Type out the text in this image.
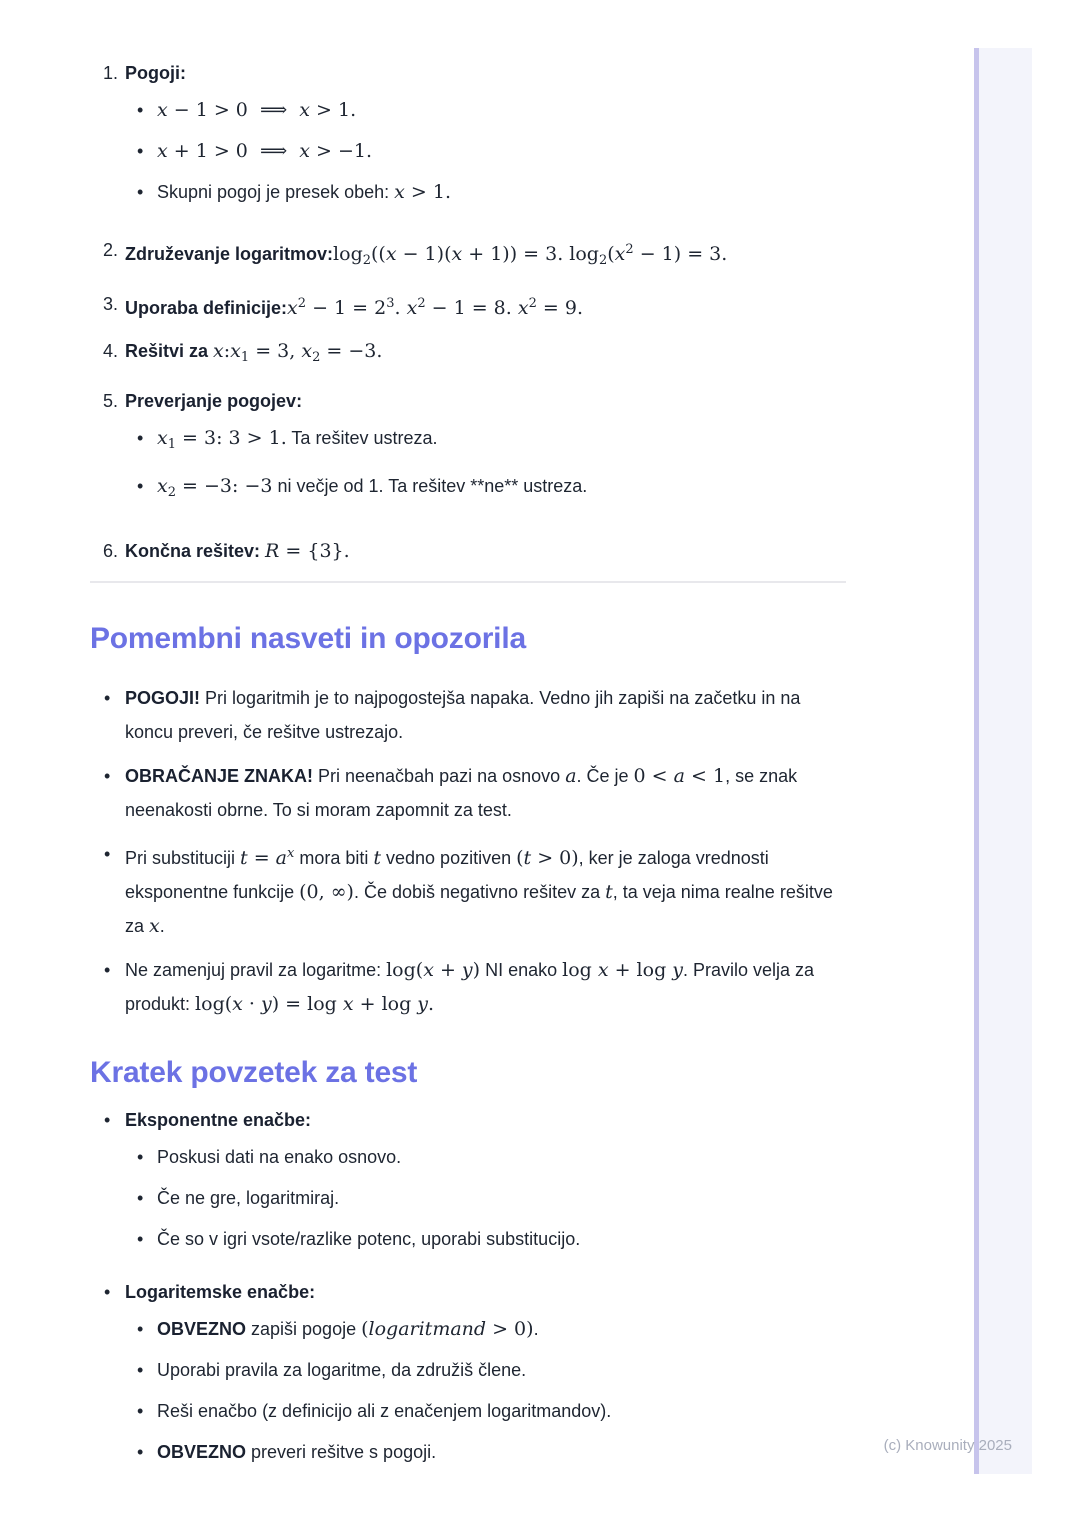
1. Pogoji:
• x − 1 > 0  ⟹  x > 1.
• x + 1 > 0  ⟹  x > −1.
• Skupni pogoj je presek obeh: x > 1.
2. Združevanje $logaritmov:\log_2((x - 1)(x + 1)) = 3$. $\log_2(x^2 - 1) = 3$.
3. Uporaba $definicije:x^2 - 1 = 2^3$. $x^2 - 1 = 8$. $x^2 = 9$.
4. Rešitvi za $x:x_1 = 3$, $x_2 = -3$.
5. Preverjanje pogojev:
• $x_1 = 3$: 3 > 1. Ta rešitev ustreza.
• $x_2 = -3$: −3 ni večje od 1. Ta rešitev **ne** ustreza.
6. Končna rešitev: R = {3}.
Pomembni nasveti in opozorila
• POGOJI! Pri logaritmih je to najpogostejša napaka. Vedno jih zapiši na začetku in na koncu preveri, če rešitve ustrezajo.
• OBRAČANJE ZNAKA! Pri neenačbah pazi na osnovo a. Če je 0 < a < 1, se znak neenakosti obrne. To si moram zapomnit za test.
• Pri substituciji $t = a^x$ mora biti t vedno pozitiven (t > 0), ker je zaloga vrednosti eksponentne funkcije (0, ∞). Če dobiš negativno rešitev za t, ta veja nima realne rešitve za x.
• Ne zamenjuj pravil za logaritme: log(x + y) NI enako log x + log y. Pravilo velja za produkt: log(x · y) = log x + log y.
Kratek povzetek za test
• Eksponentne enačbe:
• Poskusi dati na enako osnovo.
• Če ne gre, logaritmiraj.
• Če so v igri vsote/razlike potenc, uporabi substitucijo.
• Logaritemske enačbe:
• OBVEZNO zapiši pogoje (logaritmand > 0).
• Uporabi pravila za logaritme, da združiš člene.
• Reši enačbo (z definicijo ali z enačenjem logaritmandov).
• OBVEZNO preveri rešitve s pogoji.	(c) Knowunity 2025
